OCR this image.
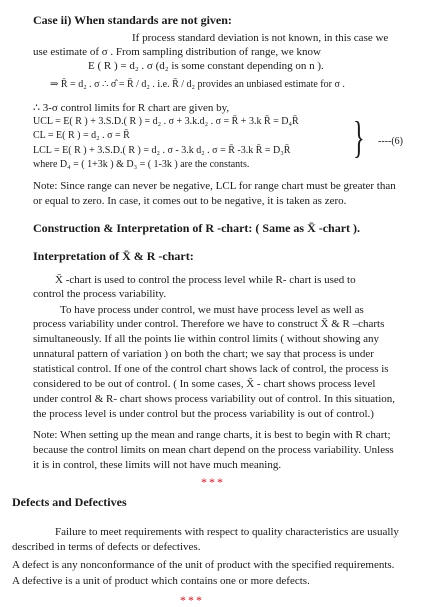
Case ii) When standards are not given:
If process standard deviation is not known, in this case we
use estimate of σ . From sampling distribution of range, we know
E ( R ) = d₂ . σ (d₂ is some constant depending on n ).
⇒ R̄ = d₂ . σ ∴ σ̂ = R̄ / d₂ . i.e. R̄ / d₂ provides an unbiased estimate for σ .
∴ 3-σ control limits for R chart are given by,
UCL = E( R ) + 3.S.D.( R ) = d₂ . σ + 3.k.d₂ . σ = R̄ + 3.k R̄ = D₄R̄
CL = E( R ) = d₂ . σ = R̄
LCL = E( R ) + 3.S.D.( R ) = d₂ . σ - 3.k d₂ . σ = R̄ -3.k R̄ = D₃R̄
where D₄ = ( 1+3k ) & D₃ = ( 1-3k ) are the constants.
} ----(6)
Note: Since range can never be negative, LCL for range chart must be greater than
or equal to zero. In case, it comes out to be negative, it is taken as zero.
Construction & Interpretation of R -chart: ( Same as X̄ -chart ).
Interpretation of X̄ & R -chart:
X̄ -chart is used to control the process level while R- chart is used to
control the process variability.
To have process under control, we must have process level as well as
process variability under control. Therefore we have to construct X̄ & R –charts
simultaneously. If all the points lie within control limits ( without showing any
unnatural pattern of variation ) on both the chart; we say that process is under
statistical control. If one of the control chart shows lack of control, the process is
considered to be out of control. ( In some cases, X̄ - chart shows process level
under control & R- chart shows process variability out of control. In this situation,
the process level is under control but the process variability is out of control.)
Note: When setting up the mean and range charts, it is best to begin with R chart;
because the control limits on mean chart depend on the process variability. Unless
it is in control, these limits will not have much meaning.
***
Defects and Defectives
Failure to meet requirements with respect to quality characteristics are usually
described in terms of defects or defectives.
A defect is any nonconformance of the unit of product with the specified requirements.
A defective is a unit of product which contains one or more defects.
***
